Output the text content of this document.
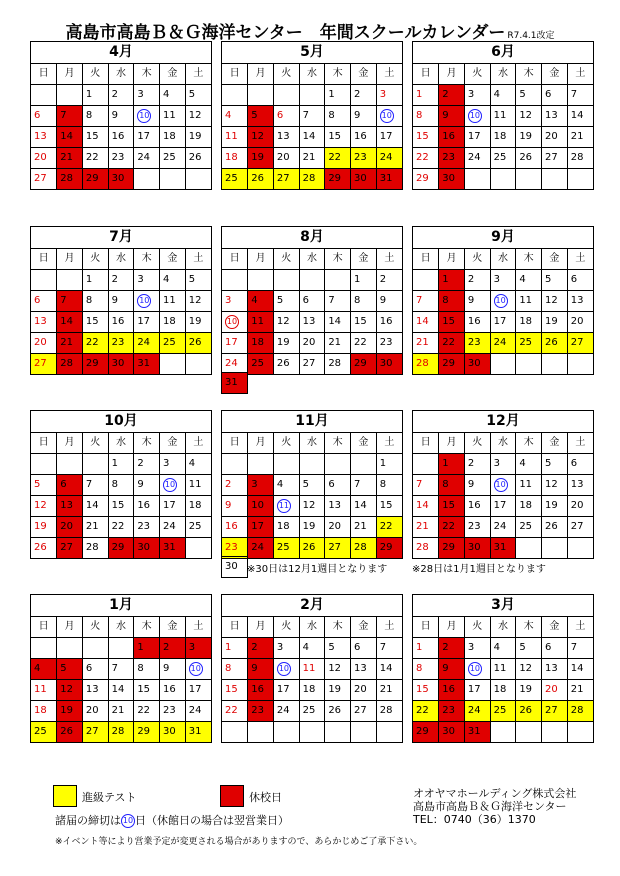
高島市高島Ｂ＆Ｇ海洋センター　年間スクールカレンダー R7.4.1改定
4月
日	月	火	水	木	金	土
		1	2	3	4	5
6	7	8	9	10	11	12
13	14	15	16	17	18	19
20	21	22	23	24	25	26
27	28	29	30			
5月
日	月	火	水	木	金	土
				1	2	3
4	5	6	7	8	9	10
11	12	13	14	15	16	17
18	19	20	21	22	23	24
25	26	27	28	29	30	31
6月
日	月	火	水	木	金	土
1	2	3	4	5	6	7
8	9	10	11	12	13	14
15	16	17	18	19	20	21
22	23	24	25	26	27	28
29	30					
7月
日	月	火	水	木	金	土
		1	2	3	4	5
6	7	8	9	10	11	12
13	14	15	16	17	18	19
20	21	22	23	24	25	26
27	28	29	30	31		
8月
日	月	火	水	木	金	土
					1	2
3	4	5	6	7	8	9
10	11	12	13	14	15	16
17	18	19	20	21	22	23
24	25	26	27	28	29	30
31
9月
日	月	火	水	木	金	土
	1	2	3	4	5	6
7	8	9	10	11	12	13
14	15	16	17	18	19	20
21	22	23	24	25	26	27
28	29	30				
10月
日	月	火	水	木	金	土
			1	2	3	4
5	6	7	8	9	10	11
12	13	14	15	16	17	18
19	20	21	22	23	24	25
26	27	28	29	30	31	
11月
日	月	火	水	木	金	土
						1
2	3	4	5	6	7	8
9	10	11	12	13	14	15
16	17	18	19	20	21	22
23	24	25	26	27	28	29
30 ※30日は12月1週目となります
12月
日	月	火	水	木	金	土
	1	2	3	4	5	6
7	8	9	10	11	12	13
14	15	16	17	18	19	20
21	22	23	24	25	26	27
28	29	30	31			
※28日は1月1週目となります
1月
日	月	火	水	木	金	土
				1	2	3
4	5	6	7	8	9	10
11	12	13	14	15	16	17
18	19	20	21	22	23	24
25	26	27	28	29	30	31
2月
日	月	火	水	木	金	土
1	2	3	4	5	6	7
8	9	10	11	12	13	14
15	16	17	18	19	20	21
22	23	24	25	26	27	28

3月
日	月	火	水	木	金	土
1	2	3	4	5	6	7
8	9	10	11	12	13	14
15	16	17	18	19	20	21
22	23	24	25	26	27	28
29	30	31				
進級テスト	休校日
諸届の締切は 10 日（休館日の場合は翌営業日）
オオヤマホールディング株式会社
高島市高島Ｂ＆Ｇ海洋センター
TEL：0740（36）1370
※イベント等により営業予定が変更される場合がありますので、あらかじめご了承下さい。
